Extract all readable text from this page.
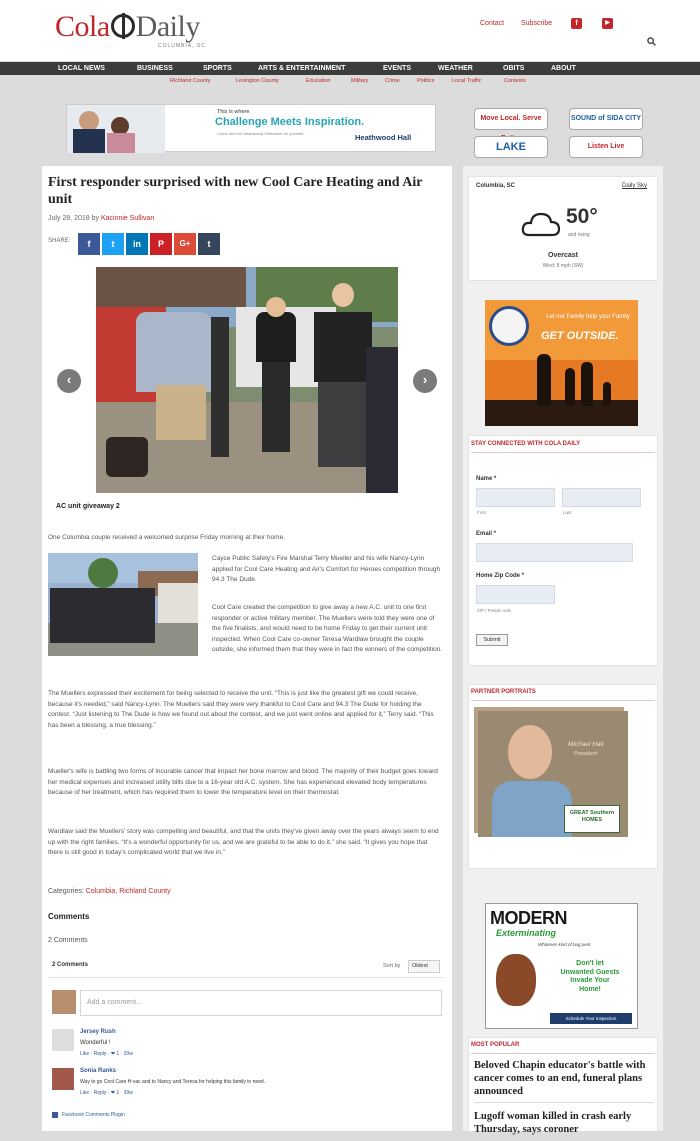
Cola Daily
COLUMBIA, SC
Contact Subscribe	f	▶
LOCAL NEWS	BUSINESS	SPORTS	ARTS & ENTERTAINMENT	EVENTS	WEATHER	OBITS	ABOUT
Richland County	Lexington County	Education	Military	Crime	Politics	Local Traffic	Contests
This is where
Challenge Meets Inspiration.
Come see the Heathwood Difference for yourself.	Heathwood Hall
Move Local. Serve	SOUND of SIDA CITY
LAKE	Listen Live
First responder surprised with new Cool Care Heating and Air unit
July 28, 2018 by Kacinnie Sullivan
SHARE:	f	t	in	P	G+	t
‹	›
AC unit giveaway 2
One Columbia couple received a welcomed surprise Friday morning at their home.
Cayce Public Safety's Fire Marshal Terry Mueller and his wife Nancy-Lynn applied for Cool Care Heating and Air's Comfort for Heroes competition through 94.3 The Dude.
Cool Care created the competition to give away a new A.C. unit to one first responder or active military member. The Muellers were told they were one of the five finalists, and would need to be home Friday to get their current unit inspected. When Cool Care co-owner Teresa Wardlaw brought the couple outside, she informed them that they were in fact the winners of the competition.
The Muellers expressed their excitement for being selected to receive the unit. “This is just like the greatest gift we could receive, because it's needed,” said Nancy-Lynn. The Muellers said they were very thankful to Cool Care and 94.3 The Dude for holding the contest. “Just listening to The Dude is how we found out about the contest, and we just went online and applied for it,” Terry said. “This has been a blessing, a true blessing.”
Mueller's wife is battling two forms of incurable cancer that impact her bone marrow and blood. The majority of their budget goes toward her medical expenses and increased utility bills due to a 16-year old A.C. system. She has experienced elevated body temperatures because of her treatment, which has required them to lower the temperature level on their thermostat.
Wardlaw said the Muellers' story was compelling and beautiful, and that the units they've given away over the years always seem to end up with the right families. “It's a wonderful opportunity for us, and we are grateful to be able to do it,” she said. “It gives you hope that there is still good in today's complicated world that we live in.”
Categories: Columbia, Richland County
Comments
2 Comments
2 Comments	Sort by	Oldest
Add a comment...
Jersey Rush
Wonderful !
Like · Reply · ❤ 1 · 39w
Sonia Ranks
Way to go Cool Care H-vac and to Nancy and Teresa for helping this family in need.
Like · Reply · ❤ 1 · 39w
Facebook Comments Plugin
Columbia, SC	Daily Sky
50°
and rising
Overcast
Wind: 8 mph (SW)
Let our Family help your Family
GET OUTSIDE.
STAY CONNECTED WITH COLA DAILY
Name *
First	Last
Email *
Home Zip Code *
ZIP / Postal code
Submit
PARTNER PORTRAITS
Michael Hall
President
GREAT Southern HOMES
MODERN
Exterminating
Whatever kind of bug pest
Don't let
Unwanted Guests
Invade Your
Home!
Schedule Your Inspection
MOST POPULAR
Beloved Chapin educator's battle with cancer comes to an end, funeral plans announced
Lugoff woman killed in crash early Thursday, says coroner
